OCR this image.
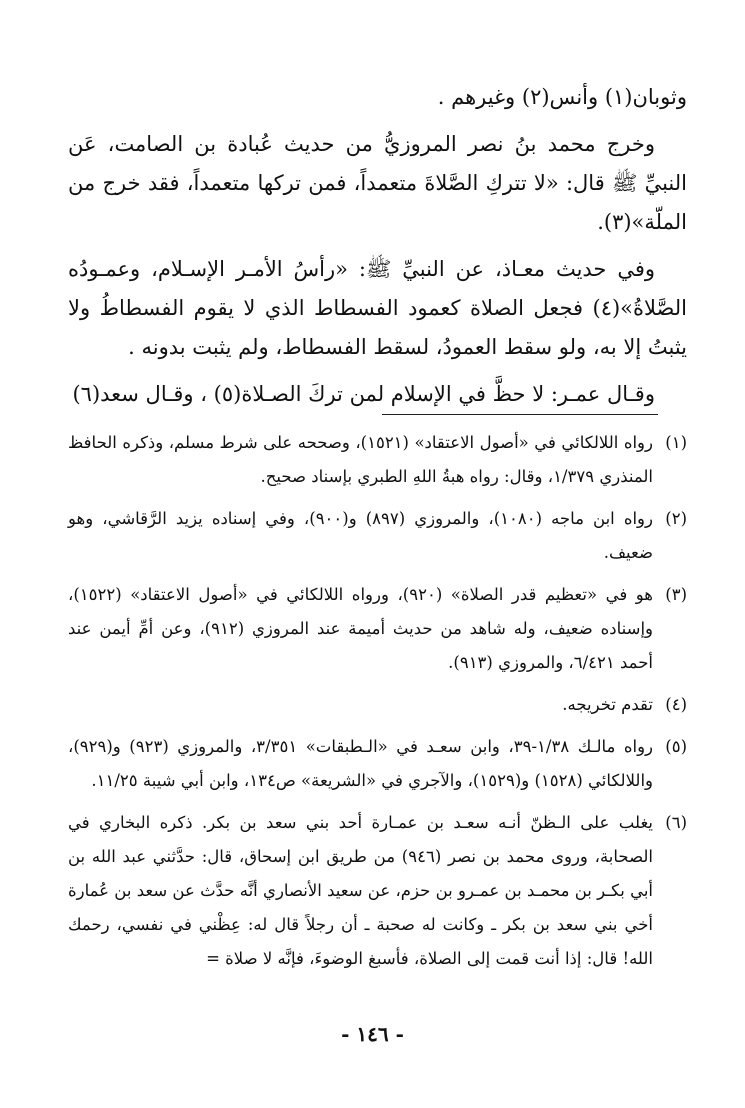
وثوبان(١) وأنس(٢) وغيرهم .

وخرج محمد بنُ نصر المروزيُّ من حديث عُبادة بن الصامت، عَن النبيِّ ﷺ قال: «لا تتركِ الصَّلاةَ متعمداً، فمن تركها متعمداً، فقد خرج من الملّة»(٣).

وفي حديث معـاذ، عن النبيِّ ﷺ: «رأسُ الأمـر الإسـلام، وعمـودُه الصَّلاةُ»(٤) فجعل الصلاة كعمود الفسطاط الذي لا يقوم الفسطاطُ ولا يثبتُ إلا به، ولو سقط العمودُ، لسقط الفسطاط، ولم يثبت بدونه .

وقـال عمـر: لا حظَّ في الإسلام لمن تركَ الصـلاة(٥) ، وقـال سعد(٦)

(١)
رواه اللالكائي في «أصول الاعتقاد» (١٥٢١)، وصححه على شرط مسلم، وذكره الحافظ المنذري ١/٣٧٩، وقال: رواه هبةُ اللهِ الطبري بإسناد صحيح.
(٢)
رواه ابن ماجه (١٠٨٠)، والمروزي (٨٩٧) و(٩٠٠)، وفي إسناده يزيد الرَّقاشي، وهو ضعيف.
(٣)
هو في «تعظيم قدر الصلاة» (٩٢٠)، ورواه اللالكائي في «أصول الاعتقاد» (١٥٢٢)، وإسناده ضعيف، وله شاهد من حديث أميمة عند المروزي (٩١٢)، وعن أمِّ أيمن عند أحمد ٦/٤٢١، والمروزي (٩١٣).
(٤)
تقدم تخريجه.
(٥)
رواه مالـك ١/٣٨-٣٩، وابن سعـد في «الـطبقات» ٣/٣٥١، والمروزي (٩٢٣) و(٩٢٩)، واللالكائي (١٥٢٨) و(١٥٢٩)، والآجري في «الشريعة» ص١٣٤، وابن أبي شيبة ١١/٢٥.
(٦)
يغلب على الـظنّ أنـه سعـد بن عمـارة أحد بني سعد بن بكر. ذكره البخاري في الصحابة، وروى محمد بن نصر (٩٤٦) من طريق ابن إسحاق، قال: حدَّثني عبد الله بن أبي بكـر بن محمـد بن عمـرو بن حزم، عن سعيد الأنصاري أنَّه حدَّث عن سعد بن عُمارة أخي بني سعد بن بكر ـ وكانت له صحبة ـ أن رجلاً قال له: عِظْني في نفسي، رحمك الله! قال: إذا أنت قمت إلى الصلاة، فأسبغ الوضوءَ، فإنَّه لا صلاة =
- ١٤٦ -
